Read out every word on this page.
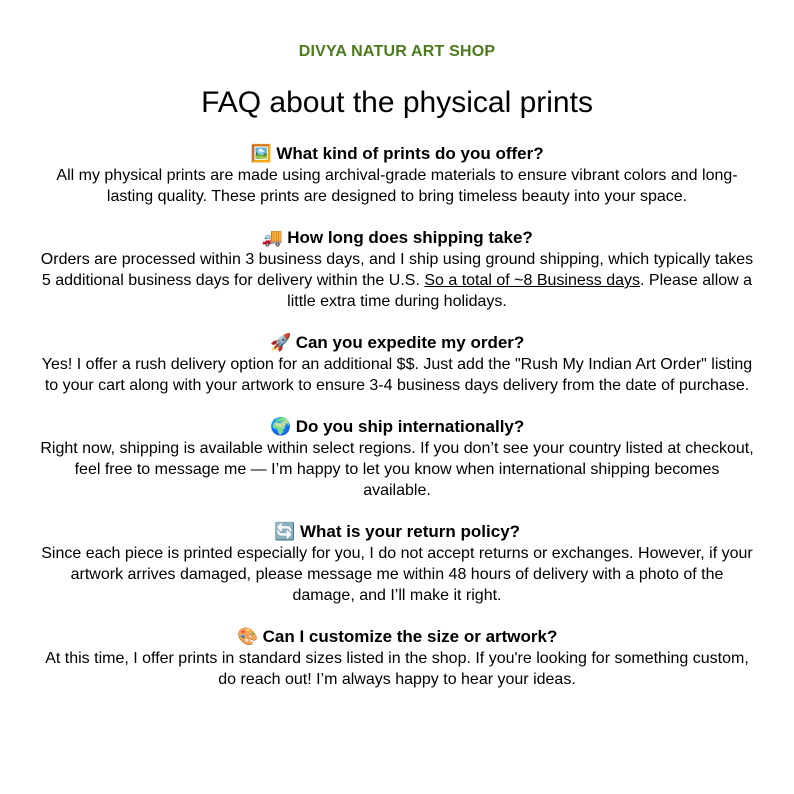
DIVYA NATUR ART SHOP
FAQ about the physical prints
🖼️ What kind of prints do you offer?

All my physical prints are made using archival-grade materials to ensure vibrant colors and long-lasting quality. These prints are designed to bring timeless beauty into your space.

🚚 How long does shipping take?

Orders are processed within 3 business days, and I ship using ground shipping, which typically takes 5 additional business days for delivery within the U.S. So a total of ~8 Business days. Please allow a little extra time during holidays.

🚀 Can you expedite my order?

Yes! I offer a rush delivery option for an additional $$. Just add the "Rush My Indian Art Order" listing to your cart along with your artwork to ensure 3-4 business days delivery from the date of purchase.

🌍 Do you ship internationally?

Right now, shipping is available within select regions. If you don’t see your country listed at checkout, feel free to message me — I’m happy to let you know when international shipping becomes available.

🔄 What is your return policy?

Since each piece is printed especially for you, I do not accept returns or exchanges. However, if your artwork arrives damaged, please message me within 48 hours of delivery with a photo of the damage, and I’ll make it right.

🎨 Can I customize the size or artwork?

At this time, I offer prints in standard sizes listed in the shop. If you're looking for something custom, do reach out! I’m always happy to hear your ideas.
